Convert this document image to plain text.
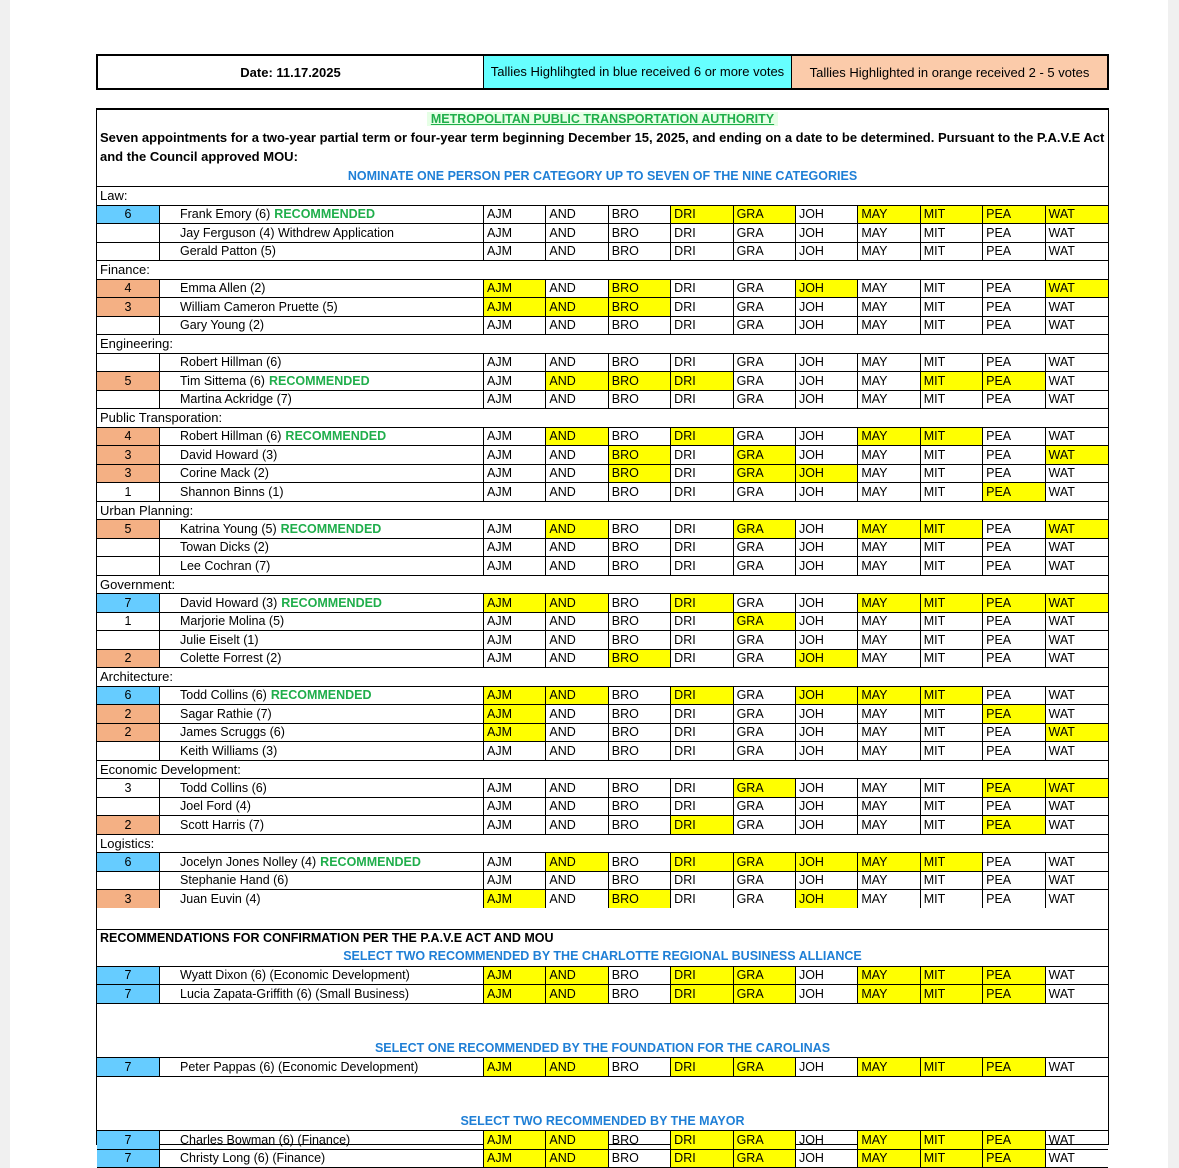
Date: 11.17.2025	Tallies Highlihgted in blue received 6 or more votes	Tallies Highlighted in orange received 2 - 5 votes
METROPOLITAN PUBLIC TRANSPORTATION AUTHORITY
Seven appointments for a two-year partial term or four-year term beginning December 15, 2025, and ending on a date to be determined. Pursuant to the P.A.V.E Act and the Council approved MOU:
NOMINATE ONE PERSON PER CATEGORY UP TO SEVEN OF THE NINE CATEGORIES
Law:
6	Frank Emory (6) RECOMMENDED	AJM	AND	BRO	DRI	GRA	JOH	MAY	MIT	PEA	WAT
Jay Ferguson (4) Withdrew Application	AJM	AND	BRO	DRI	GRA	JOH	MAY	MIT	PEA	WAT
Gerald Patton (5)	AJM	AND	BRO	DRI	GRA	JOH	MAY	MIT	PEA	WAT
Finance:
4	Emma Allen (2)	AJM	AND	BRO	DRI	GRA	JOH	MAY	MIT	PEA	WAT
3	William Cameron Pruette (5)	AJM	AND	BRO	DRI	GRA	JOH	MAY	MIT	PEA	WAT
Gary Young (2)	AJM	AND	BRO	DRI	GRA	JOH	MAY	MIT	PEA	WAT
Engineering:
Robert Hillman (6)	AJM	AND	BRO	DRI	GRA	JOH	MAY	MIT	PEA	WAT
5	Tim Sittema (6) RECOMMENDED	AJM	AND	BRO	DRI	GRA	JOH	MAY	MIT	PEA	WAT
Martina Ackridge (7)	AJM	AND	BRO	DRI	GRA	JOH	MAY	MIT	PEA	WAT
Public Transporation:
4	Robert Hillman (6) RECOMMENDED	AJM	AND	BRO	DRI	GRA	JOH	MAY	MIT	PEA	WAT
3	David Howard (3)	AJM	AND	BRO	DRI	GRA	JOH	MAY	MIT	PEA	WAT
3	Corine Mack (2)	AJM	AND	BRO	DRI	GRA	JOH	MAY	MIT	PEA	WAT
1	Shannon Binns (1)	AJM	AND	BRO	DRI	GRA	JOH	MAY	MIT	PEA	WAT
Urban Planning:
5	Katrina Young (5) RECOMMENDED	AJM	AND	BRO	DRI	GRA	JOH	MAY	MIT	PEA	WAT
Towan Dicks (2)	AJM	AND	BRO	DRI	GRA	JOH	MAY	MIT	PEA	WAT
Lee Cochran (7)	AJM	AND	BRO	DRI	GRA	JOH	MAY	MIT	PEA	WAT
Government:
7	David Howard (3) RECOMMENDED	AJM	AND	BRO	DRI	GRA	JOH	MAY	MIT	PEA	WAT
1	Marjorie Molina (5)	AJM	AND	BRO	DRI	GRA	JOH	MAY	MIT	PEA	WAT
Julie Eiselt (1)	AJM	AND	BRO	DRI	GRA	JOH	MAY	MIT	PEA	WAT
2	Colette Forrest (2)	AJM	AND	BRO	DRI	GRA	JOH	MAY	MIT	PEA	WAT
Architecture:
6	Todd Collins (6) RECOMMENDED	AJM	AND	BRO	DRI	GRA	JOH	MAY	MIT	PEA	WAT
2	Sagar Rathie (7)	AJM	AND	BRO	DRI	GRA	JOH	MAY	MIT	PEA	WAT
2	James Scruggs (6)	AJM	AND	BRO	DRI	GRA	JOH	MAY	MIT	PEA	WAT
Keith Williams (3)	AJM	AND	BRO	DRI	GRA	JOH	MAY	MIT	PEA	WAT
Economic Development:
3	Todd Collins (6)	AJM	AND	BRO	DRI	GRA	JOH	MAY	MIT	PEA	WAT
Joel Ford (4)	AJM	AND	BRO	DRI	GRA	JOH	MAY	MIT	PEA	WAT
2	Scott Harris (7)	AJM	AND	BRO	DRI	GRA	JOH	MAY	MIT	PEA	WAT
Logistics:
6	Jocelyn Jones Nolley (4) RECOMMENDED	AJM	AND	BRO	DRI	GRA	JOH	MAY	MIT	PEA	WAT
Stephanie Hand (6)	AJM	AND	BRO	DRI	GRA	JOH	MAY	MIT	PEA	WAT
3	Juan Euvin (4)	AJM	AND	BRO	DRI	GRA	JOH	MAY	MIT	PEA	WAT
RECOMMENDATIONS FOR CONFIRMATION PER THE P.A.V.E ACT AND MOU
SELECT TWO RECOMMENDED BY THE CHARLOTTE REGIONAL BUSINESS ALLIANCE
7	Wyatt Dixon (6) (Economic Development)	AJM	AND	BRO	DRI	GRA	JOH	MAY	MIT	PEA	WAT
7	Lucia Zapata-Griffith (6) (Small Business)	AJM	AND	BRO	DRI	GRA	JOH	MAY	MIT	PEA	WAT
SELECT ONE RECOMMENDED BY THE FOUNDATION FOR THE CAROLINAS
7	Peter Pappas (6) (Economic Development)	AJM	AND	BRO	DRI	GRA	JOH	MAY	MIT	PEA	WAT
SELECT TWO RECOMMENDED BY THE MAYOR
7	Charles Bowman (6) (Finance)	AJM	AND	BRO	DRI	GRA	JOH	MAY	MIT	PEA	WAT
7	Christy Long (6) (Finance)	AJM	AND	BRO	DRI	GRA	JOH	MAY	MIT	PEA	WAT
